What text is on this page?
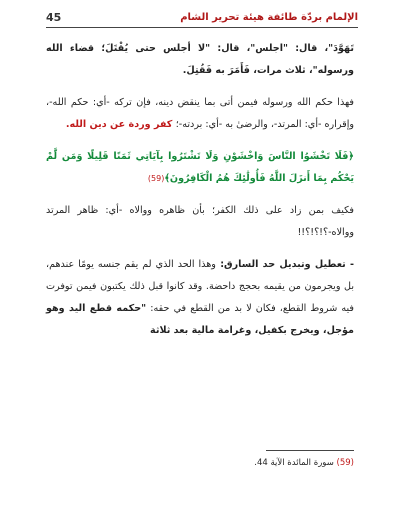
45	الإلمام بردّة طائفة هيئة تحرير الشام

تَهَوَّدَ"، قال: "اجلس"، قال: "لا أجلس حتى يُقْتَلَ؛ قضاء الله ورسوله"، ثلاث مرات، فَأَمَرَ به فَقُتِلَ.

فهذا حكم الله ورسوله فيمن أتى بما ينقض دينه، فإن تركه -أي: حكم الله-، وإقراره -أي: المرتد-، والرضىٰ به -أي: بردته-؛ كفر وردة عن دين الله.

﴿فَلَا تَخْشَوُا النَّاسَ وَاخْشَوْنِ وَلَا تَشْتَرُوا بِآيَاتِي ثَمَنًا قَلِيلًا وَمَن لَّمْ يَحْكُم بِمَا أَنزَلَ اللَّهُ فَأُولَٰئِكَ هُمُ الْكَافِرُونَ﴾(59)

فكيف بمن زاد على ذلك الكفر؛ بأن ظاهره ووالاه -أي: ظاهر المرتد ووالاه-؟!؟!؟!!

- تعطيل وتبديل حد السارق: وهذا الحد الذي لم يقم جنسه يومًا عندهم، بل ويجرمون من يقيمه بحجج داحضة. وقد كانوا قبل ذلك يكتبون فيمن توفرت فيه شروط القطع، فكان لا بد من القطع في حقه: "حكمه قطع اليد وهو مؤجل، ويخرج بكفيل، وغرامة مالية بعد ثلاثة

(59) سورة المائدة الآية 44.
